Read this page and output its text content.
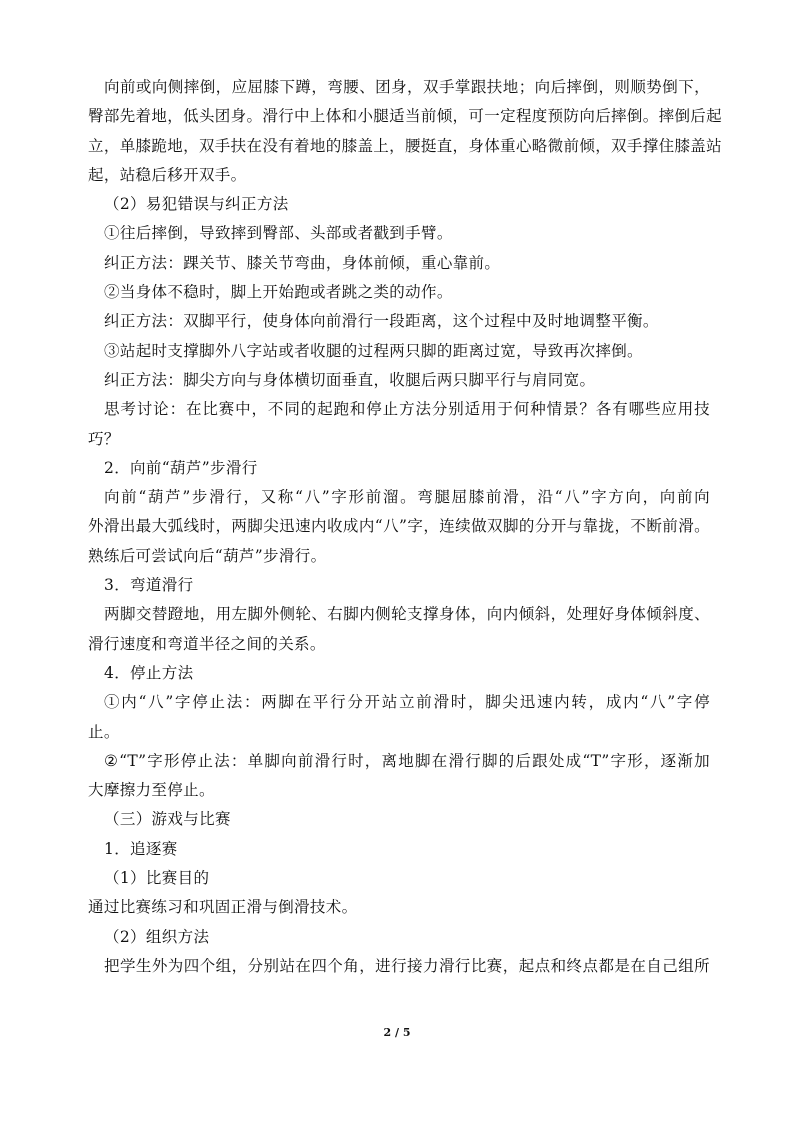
向前或向侧摔倒，应屈膝下蹲，弯腰、团身，双手掌跟扶地；向后摔倒，则顺势倒下，
臀部先着地，低头团身。滑行中上体和小腿适当前倾，可一定程度预防向后摔倒。摔倒后起
立，单膝跪地，双手扶在没有着地的膝盖上，腰挺直，身体重心略微前倾，双手撑住膝盖站
起，站稳后移开双手。
（2）易犯错误与纠正方法
①往后摔倒，导致摔到臀部、头部或者戳到手臂。
纠正方法：踝关节、膝关节弯曲，身体前倾，重心靠前。
②当身体不稳时，脚上开始跑或者跳之类的动作。
纠正方法：双脚平行，使身体向前滑行一段距离，这个过程中及时地调整平衡。
③站起时支撑脚外八字站或者收腿的过程两只脚的距离过宽，导致再次摔倒。
纠正方法：脚尖方向与身体横切面垂直，收腿后两只脚平行与肩同宽。
思考讨论：在比赛中，不同的起跑和停止方法分别适用于何种情景？各有哪些应用技
巧？
2．向前“葫芦”步滑行
向前“葫芦”步滑行，又称“八”字形前溜。弯腿屈膝前滑，沿“八”字方向，向前向
外滑出最大弧线时，两脚尖迅速内收成内“八”字，连续做双脚的分开与靠拢，不断前滑。
熟练后可尝试向后“葫芦”步滑行。
3．弯道滑行
两脚交替蹬地，用左脚外侧轮、右脚内侧轮支撑身体，向内倾斜，处理好身体倾斜度、
滑行速度和弯道半径之间的关系。
4．停止方法
①内“八”字停止法：两脚在平行分开站立前滑时，脚尖迅速内转，成内“八”字停
止。
②“T”字形停止法：单脚向前滑行时，离地脚在滑行脚的后跟处成“T”字形，逐渐加
大摩擦力至停止。
（三）游戏与比赛
1．追逐赛
（1）比赛目的
通过比赛练习和巩固正滑与倒滑技术。
（2）组织方法
把学生外为四个组，分别站在四个角，进行接力滑行比赛，起点和终点都是在自己组所
2 / 5
